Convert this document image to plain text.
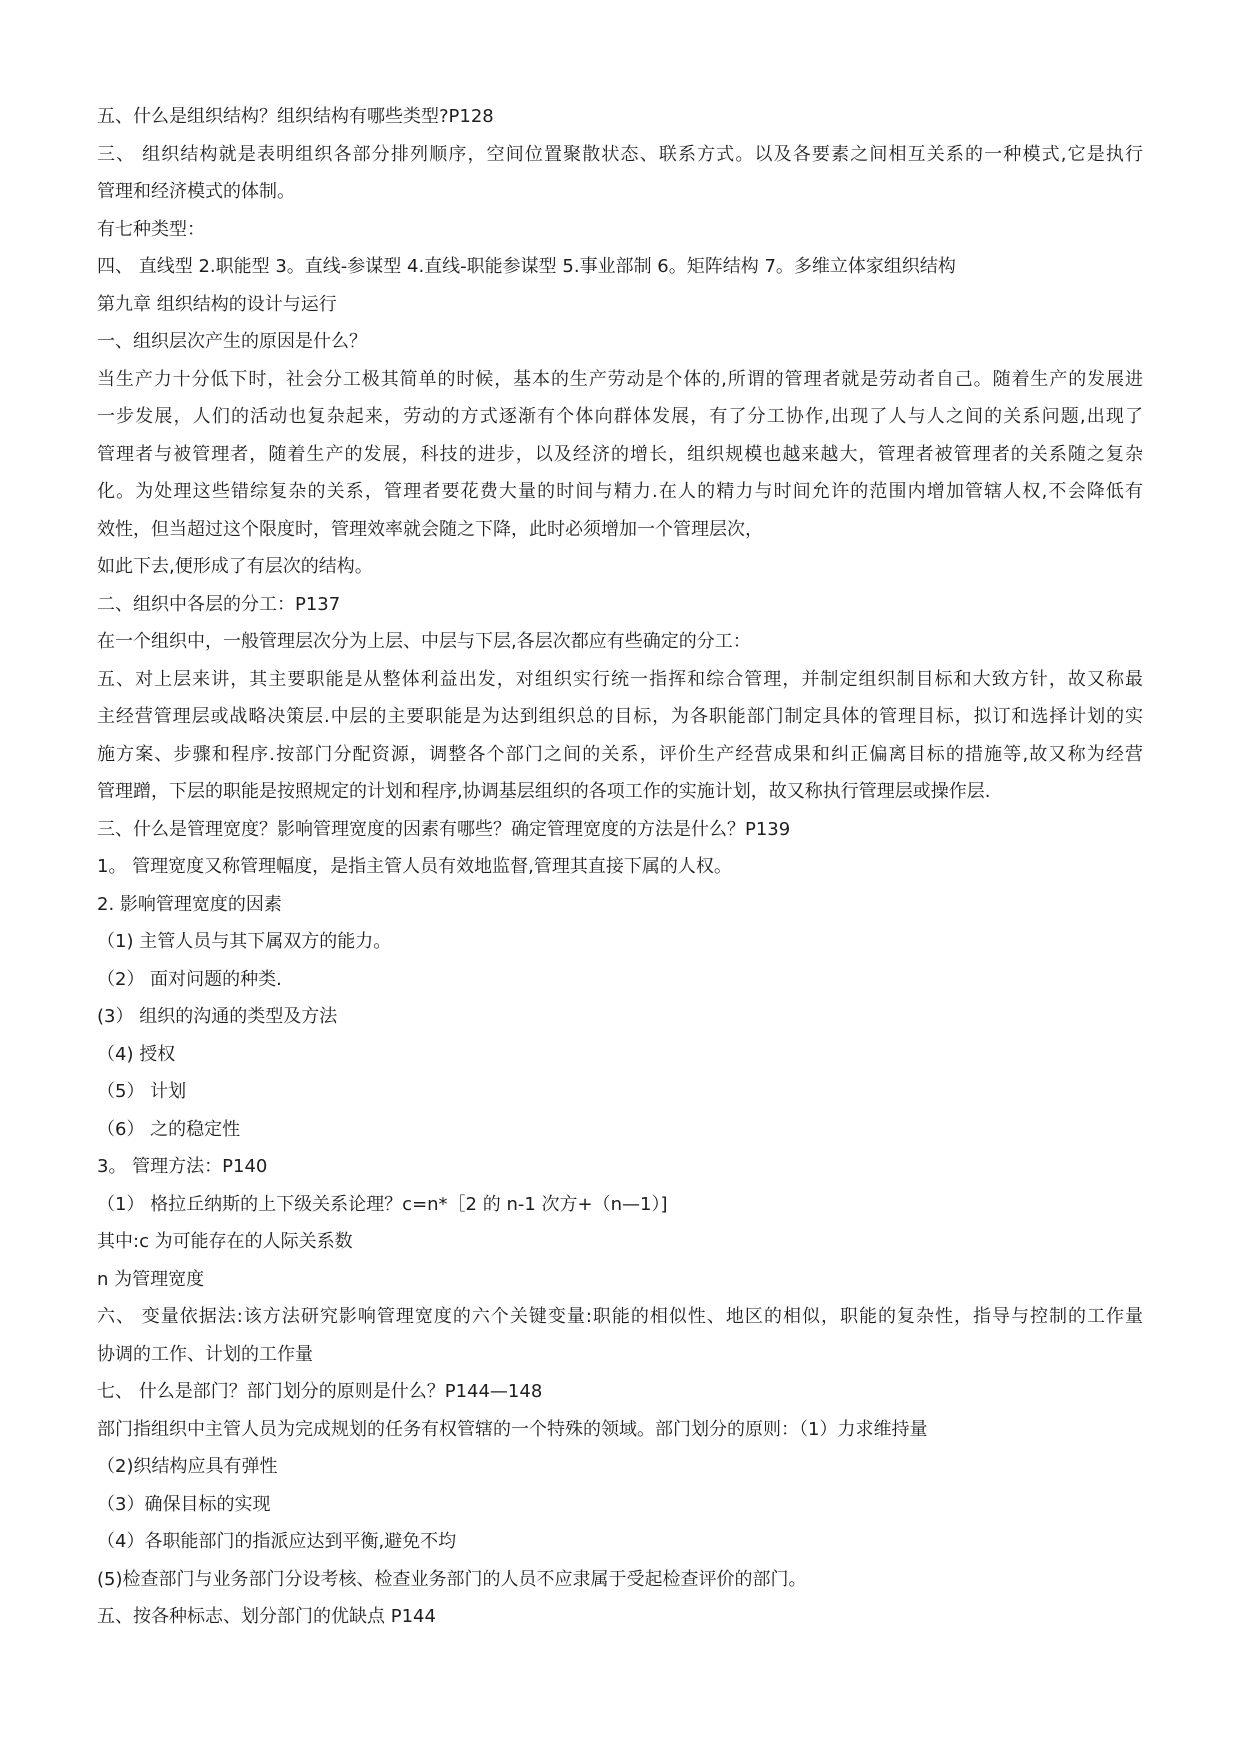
五、什么是组织结构？组织结构有哪些类型?P128
三、 组织结构就是表明组织各部分排列顺序，空间位置聚散状态、联系方式。以及各要素之间相互关系的一种模式,它是执行
管理和经济模式的体制。
有七种类型：
四、 直线型 2.职能型 3。直线-参谋型 4.直线-职能参谋型 5.事业部制 6。矩阵结构 7。多维立体家组织结构
第九章 组织结构的设计与运行
一、组织层次产生的原因是什么？
当生产力十分低下时，社会分工极其简单的时候，基本的生产劳动是个体的,所谓的管理者就是劳动者自己。随着生产的发展进
一步发展，人们的活动也复杂起来，劳动的方式逐渐有个体向群体发展，有了分工协作,出现了人与人之间的关系问题,出现了
管理者与被管理者，随着生产的发展，科技的进步，以及经济的增长，组织规模也越来越大，管理者被管理者的关系随之复杂
化。为处理这些错综复杂的关系，管理者要花费大量的时间与精力.在人的精力与时间允许的范围内增加管辖人权,不会降低有
效性，但当超过这个限度时，管理效率就会随之下降，此时必须增加一个管理层次，
如此下去,便形成了有层次的结构。
二、组织中各层的分工：P137
在一个组织中，一般管理层次分为上层、中层与下层,各层次都应有些确定的分工：
五、对上层来讲，其主要职能是从整体利益出发，对组织实行统一指挥和综合管理，并制定组织制目标和大致方针，故又称最
主经营管理层或战略决策层.中层的主要职能是为达到组织总的目标，为各职能部门制定具体的管理目标，拟订和选择计划的实
施方案、步骤和程序.按部门分配资源，调整各个部门之间的关系，评价生产经营成果和纠正偏离目标的措施等,故又称为经营
管理蹭，下层的职能是按照规定的计划和程序,协调基层组织的各项工作的实施计划，故又称执行管理层或操作层.
三、什么是管理宽度？影响管理宽度的因素有哪些？确定管理宽度的方法是什么？P139
1。 管理宽度又称管理幅度，是指主管人员有效地监督,管理其直接下属的人权。
2. 影响管理宽度的因素
（1) 主管人员与其下属双方的能力。
（2） 面对问题的种类.
(3） 组织的沟通的类型及方法
（4) 授权
（5） 计划
（6） 之的稳定性
3。 管理方法：P140
（1） 格拉丘纳斯的上下级关系论理？c=n*［2 的 n-1 次方+（n—1）]
其中:c 为可能存在的人际关系数
n 为管理宽度
六、 变量依据法:该方法研究影响管理宽度的六个关键变量:职能的相似性、地区的相似，职能的复杂性，指导与控制的工作量
协调的工作、计划的工作量
七、 什么是部门？部门划分的原则是什么？P144—148
部门指组织中主管人员为完成规划的任务有权管辖的一个特殊的领域。部门划分的原则：（1）力求维持量
（2)织结构应具有弹性
（3）确保目标的实现
（4）各职能部门的指派应达到平衡,避免不均
(5)检查部门与业务部门分设考核、检查业务部门的人员不应隶属于受起检查评价的部门。
五、按各种标志、划分部门的优缺点 P144
